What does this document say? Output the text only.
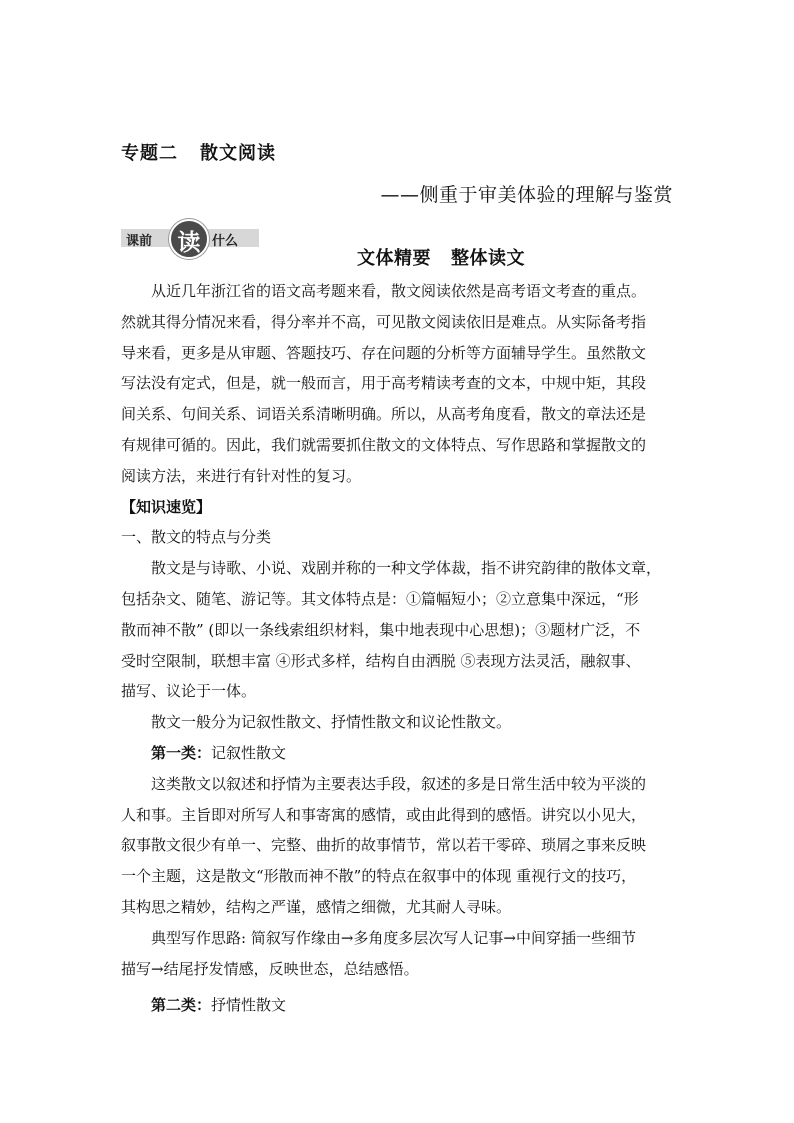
专题二 散文阅读
——侧重于审美体验的理解与鉴赏
课前 读 什么
文体精要 整体读文

从近几年浙江省的语文高考题来看，散文阅读依然是高考语文考查的重点。
然就其得分情况来看，得分率并不高，可见散文阅读依旧是难点。从实际备考指
导来看，更多是从审题、答题技巧、存在问题的分析等方面辅导学生。虽然散文
写法没有定式，但是，就一般而言，用于高考精读考查的文本，中规中矩，其段
间关系、句间关系、词语关系清晰明确。所以，从高考角度看，散文的章法还是
有规律可循的。因此，我们就需要抓住散文的文体特点、写作思路和掌握散文的
阅读方法，来进行有针对性的复习。

【知识速览】

一、散文的特点与分类

散文是与诗歌、小说、戏剧并称的一种文学体裁，指不讲究韵律的散体文章，
包括杂文、随笔、游记等。其文体特点是：①篇幅短小；②立意集中深远，“形
散而神不散” (即以一条线索组织材料，集中地表现中心思想)；③题材广泛，不
受时空限制，联想丰富 ④形式多样，结构自由洒脱 ⑤表现方法灵活，融叙事、
描写、议论于一体。

散文一般分为记叙性散文、抒情性散文和议论性散文。

第一类：记叙性散文

这类散文以叙述和抒情为主要表达手段，叙述的多是日常生活中较为平淡的
人和事。主旨即对所写人和事寄寓的感情，或由此得到的感悟。讲究以小见大，
叙事散文很少有单一、完整、曲折的故事情节，常以若干零碎、琐屑之事来反映
一个主题，这是散文“形散而神不散”的特点在叙事中的体现 重视行文的技巧，
其构思之精妙，结构之严谨，感情之细微，尤其耐人寻味。

典型写作思路: 简叙写作缘由→多角度多层次写人记事→中间穿插一些细节
描写→结尾抒发情感，反映世态，总结感悟。

第二类：抒情性散文
